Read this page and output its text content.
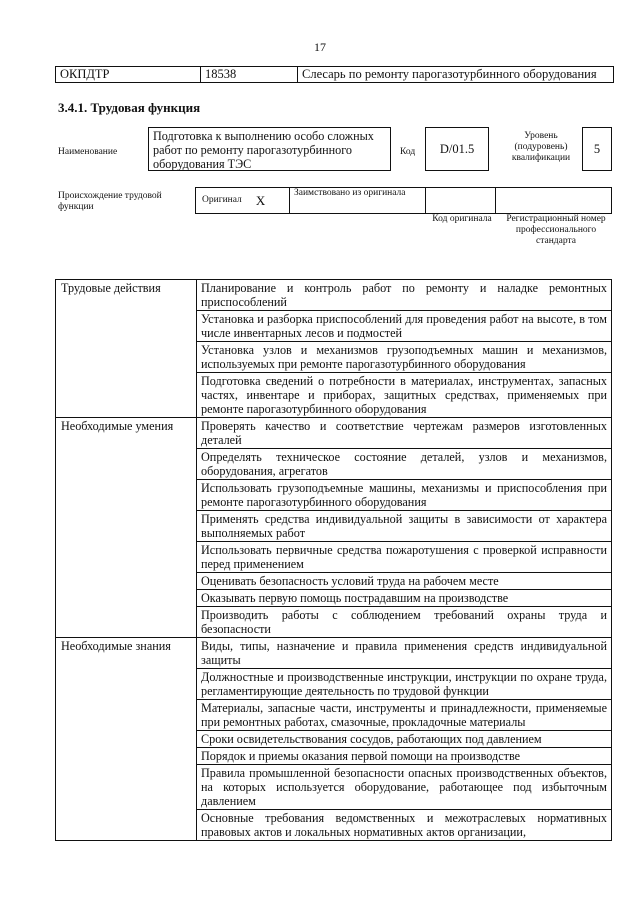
17
ОКПДТР	18538	Слесарь по ремонту парогазотурбинного оборудования
3.4.1. Трудовая функция
Наименование
Подготовка к выполнению особо сложных работ по ремонту парогазотурбинного оборудования ТЭС
Код	D/01.5
Уровень (подуровень) квалификации
5
Происхождение трудовой функции
Оригинал X	Заимствовано из оригинала
Код оригинала	Регистрационный номер профессионального стандарта
Трудовые действия	Планирование и контроль работ по ремонту и наладке ремонтных приспособлений
	Установка и разборка приспособлений для проведения работ на высоте, в том числе инвентарных лесов и подмостей
	Установка узлов и механизмов грузоподъемных машин и механизмов, используемых при ремонте парогазотурбинного оборудования
	Подготовка сведений о потребности в материалах, инструментах, запасных частях, инвентаре и приборах, защитных средствах, применяемых при ремонте парогазотурбинного оборудования
Необходимые умения	Проверять качество и соответствие чертежам размеров изготовленных деталей
	Определять техническое состояние деталей, узлов и механизмов, оборудования, агрегатов
	Использовать грузоподъемные машины, механизмы и приспособления при ремонте парогазотурбинного оборудования
	Применять средства индивидуальной защиты в зависимости от характера выполняемых работ
	Использовать первичные средства пожаротушения с проверкой исправности перед применением
	Оценивать безопасность условий труда на рабочем месте
	Оказывать первую помощь пострадавшим на производстве
	Производить работы с соблюдением требований охраны труда и безопасности
Необходимые знания	Виды, типы, назначение и правила применения средств индивидуальной защиты
	Должностные и производственные инструкции, инструкции по охране труда, регламентирующие деятельность по трудовой функции
	Материалы, запасные части, инструменты и принадлежности, применяемые при ремонтных работах, смазочные, прокладочные материалы
	Сроки освидетельствования сосудов, работающих под давлением
	Порядок и приемы оказания первой помощи на производстве
	Правила промышленной безопасности опасных производственных объектов, на которых используется оборудование, работающее под избыточным давлением
	Основные требования ведомственных и межотраслевых нормативных правовых актов и локальных нормативных актов организации,
